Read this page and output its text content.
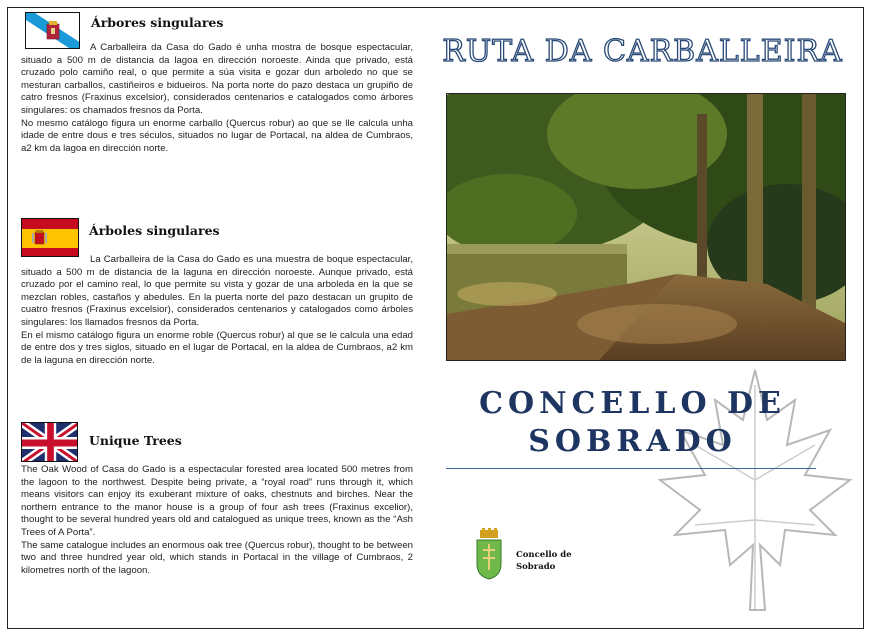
Árbores singulares

A Carballeira da Casa do Gado é unha mostra de bosque espectacular, situado a 500 m de distancia da lagoa en dirección noroeste. Ainda que privado, está cruzado polo camiño real, o que permite a súa visita e gozar dun arboledo no que se mesturan carballos, castiñeiros e bidueiros. Na porta norte do pazo destaca un grupiño de catro fresnos (Fraxinus excelsior), considerados centenarios e catalogados como árbores singulares: os chamados fresnos da Porta.

No mesmo catálogo figura un enorme carballo (Quercus robur) ao que se lle calcula unha idade de entre dous e tres séculos, situados no lugar de Portacal, na aldea de Cumbraos, a2 km da lagoa en dirección norte.

Árboles singulares

La Carballeira de la Casa do Gado es una muestra de boque espectacular, situado a 500 m de distancia de la laguna en dirección noroeste. Aunque privado, está cruzado por el camino real, lo que permite su vista y gozar de una arboleda en la que se mezclan robles, castaños y abedules. En la puerta norte del pazo destacan un grupito de cuatro fresnos (Fraxinus excelsior), considerados centenarios y catalogados como árboles singulares: los llamados fresnos da Porta.

En el mismo catálogo figura un enorme roble (Quercus robur) al que se le calcula una edad de entre dos y tres siglos, situado en el lugar de Portacal, en la aldea de Cumbraos, a2 km de la laguna en dirección norte.

Unique Trees

The Oak Wood of Casa do Gado is a espectacular forested area located 500 metres from the lagoon to the northwest. Despite being private, a “royal road” runs through it, which means visitors can enjoy its exuberant mixture of oaks, chestnuts and birches. Near the northern entrance to the manor house is a group of four ash trees (Fraxinus excelior), thought to be several hundred years old and catalogued as unique trees, known as the “Ash Trees of A Porta”.

The same catalogue includes an enormous oak tree (Quercus robur), thought to be between two and three hundred year old, which stands in Portacal in the village of Cumbraos, 2 kilometres north of the lagoon.

RUTA DA CARBALLEIRA
CONCELLO DE
SOBRADO
Concello de
Sobrado
